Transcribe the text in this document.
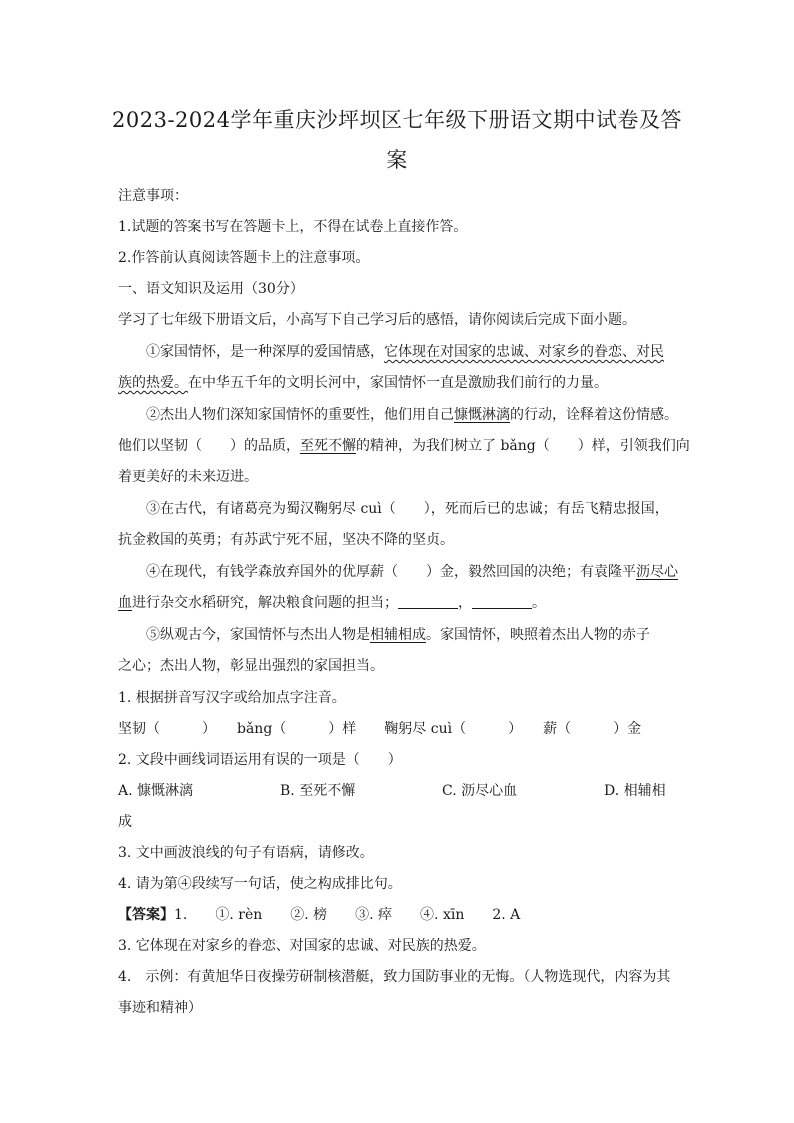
2023-2024学年重庆沙坪坝区七年级下册语文期中试卷及答
案
注意事项：
1.试题的答案书写在答题卡上，不得在试卷上直接作答。
2.作答前认真阅读答题卡上的注意事项。
一、语文知识及运用（30分）
学习了七年级下册语文后，小高写下自己学习后的感悟，请你阅读后完成下面小题。
①家国情怀，是一种深厚的爱国情感，它体现在对国家的忠诚、对家乡的眷恋、对民
族的热爱。在中华五千年的文明长河中，家国情怀一直是激励我们前行的力量。
②杰出人物们深知家国情怀的重要性，他们用自己慷慨淋漓的行动，诠释着这份情感。
他们以坚韧（　　）的品质，至死不懈的精神，为我们树立了 bǎng（　　）样，引领我们向
着更美好的未来迈进。
③在古代，有诸葛亮为蜀汉鞠躬尽 cuì（　　），死而后已的忠诚；有岳飞精忠报国，
抗金救国的英勇；有苏武宁死不屈，坚决不降的坚贞。
④在现代，有钱学森放弃国外的优厚薪（　　）金，毅然回国的决绝；有袁隆平沥尽心
血进行杂交水稻研究，解决粮食问题的担当；	，	。
⑤纵观古今，家国情怀与杰出人物是相辅相成。家国情怀，映照着杰出人物的赤子
之心；杰出人物，彰显出强烈的家国担当。
1. 根据拼音写汉字或给加点字注音。
坚韧（　　　）　　bǎng（　　　）样　　鞠躬尽 cuì（　　　）　　薪（　　　）金
2. 文段中画线词语运用有误的一项是（　　）
A. 慷慨淋漓	B. 至死不懈	C. 沥尽心血	D. 相辅相
成
3. 文中画波浪线的句子有语病，请修改。
4. 请为第④段续写一句话，使之构成排比句。
【答案】1.　　①. rèn　　②. 榜　　③. 瘁　　④. xīn　　2. A
3. 它体现在对家乡的眷恋、对国家的忠诚、对民族的热爱。
4.　示例：有黄旭华日夜操劳研制核潜艇，致力国防事业的无悔。（人物选现代，内容为其
事迹和精神）
